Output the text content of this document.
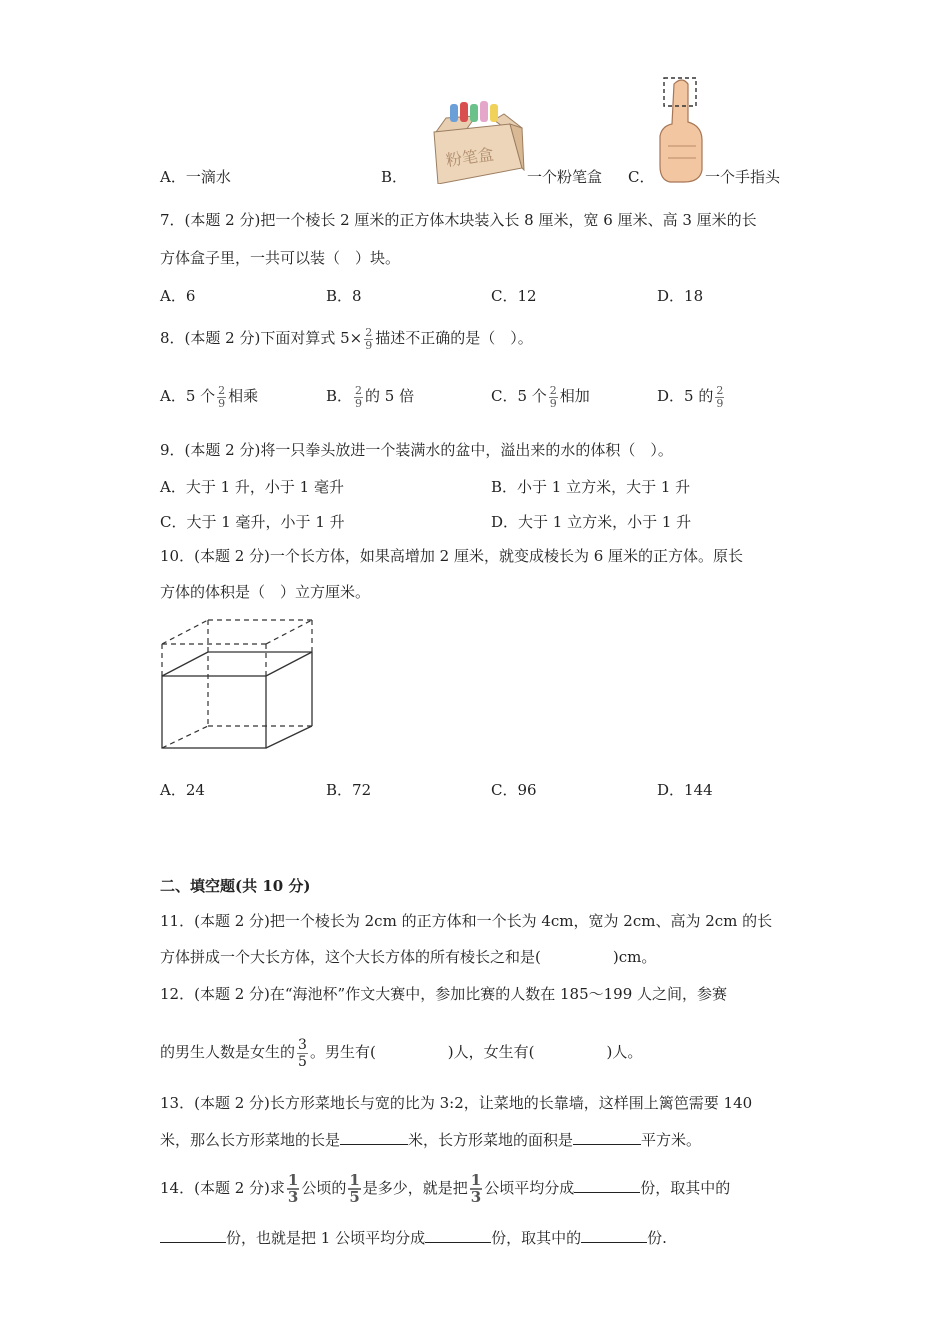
A．一滴水	B．
粉笔盒
一个粉笔盒 C．	一个手指头
7．(本题 2 分)把一个棱长 2 厘米的正方体木块装入长 8 厘米，宽 6 厘米、高 3 厘米的长
方体盒子里，一共可以装（　）块。
A．6	B．8	C．12	D．18
8．(本题 2 分)下面对算式 $5\times \frac{2}{9}$ 描述不正确的是（　）。
A．5 个 $\frac{2}{9}$ 相乘	B． $\frac{2}{9}$ 的 5 倍	C．5 个 $\frac{2}{9}$ 相加	D．5 的 $\frac{2}{9}$
9．(本题 2 分)将一只拳头放进一个装满水的盆中，溢出来的水的体积（　）。
A．大于 1 升，小于 1 毫升	B．小于 1 立方米，大于 1 升
C．大于 1 毫升，小于 1 升	D．大于 1 立方米，小于 1 升
10．(本题 2 分)一个长方体，如果高增加 2 厘米，就变成棱长为 6 厘米的正方体。原长
方体的体积是（　）立方厘米。
A．24	B．72	C．96	D．144
二、填空题(共 10 分)
11．(本题 2 分)把一个棱长为 2cm 的正方体和一个长为 4cm，宽为 2cm、高为 2cm 的长
方体拼成一个大长方体，这个大长方体的所有棱长之和是(	)cm。
12．(本题 2 分)在“海池杯”作文大赛中，参加比赛的人数在 185～199 人之间，参赛
的男生人数是女生的 $\frac{3}{5}$ 。男生有(	)人，女生有(	)人。
13．(本题 2 分)长方形菜地长与宽的比为 3:2，让菜地的长靠墙，这样围上篱笆需要 140
米，那么长方形菜地的长是	米，长方形菜地的面积是	平方米。
14．(本题 2 分)求 $\frac{1}{3}$ 公顷的 $\frac{1}{5}$ 是多少，就是把 $\frac{1}{3}$ 公顷平均分成	份，取其中的
份，也就是把 1 公顷平均分成	份，取其中的	份.
